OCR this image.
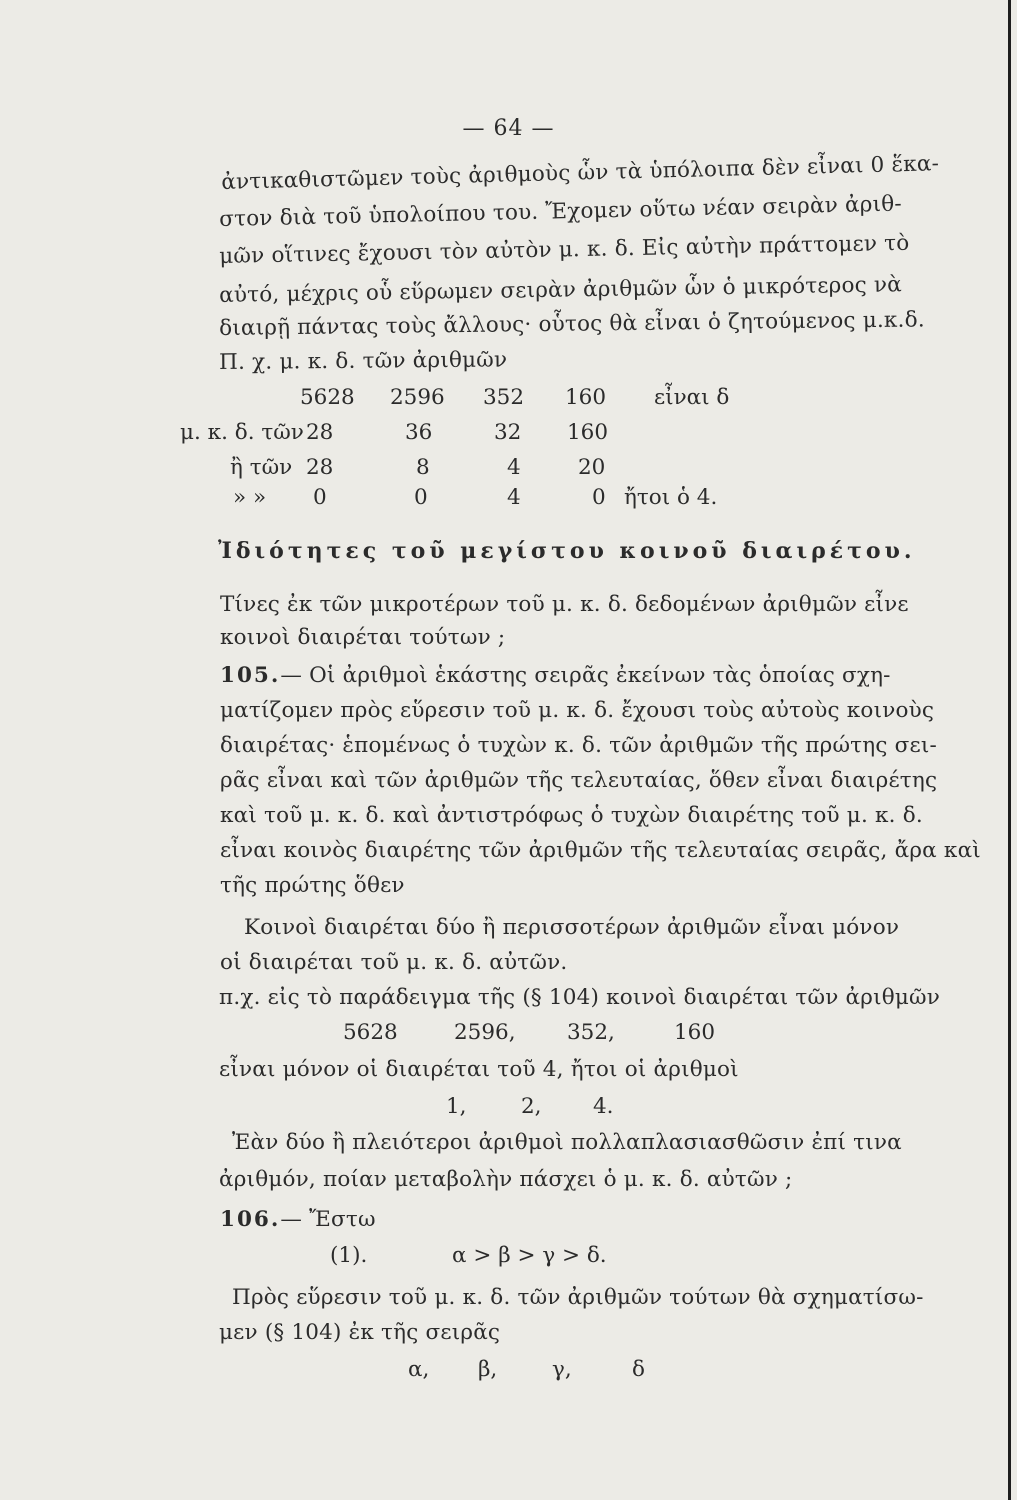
— 64 —
ἀντικαθιστῶμεν τοὺς ἀριθμοὺς ὧν τὰ ὑπόλοιπα δὲν εἶναι 0 ἕκα-
στον διὰ τοῦ ὑπολοίπου του. Ἔχομεν οὕτω νέαν σειρὰν ἀριθ-
μῶν οἵτινες ἔχουσι τὸν αὐτὸν μ. κ. δ. Εἰς αὐτὴν πράττομεν τὸ
αὐτό, μέχρις οὗ εὕρωμεν σειρὰν ἀριθμῶν ὧν ὁ μικρότερος νὰ
διαιρῇ πάντας τοὺς ἄλλους· οὗτος θὰ εἶναι ὁ ζητούμενος μ.κ.δ.
Π. χ. μ. κ. δ. τῶν ἀριθμῶν
5628 2596 352 160 εἶναι δ
μ. κ. δ. τῶν 28	36	32 160
ἢ τῶν 28	8	4	20
» » 0	0	4	0 ἤτοι ὁ 4.
Ἰδιότητες τοῦ μεγίστου κοινοῦ διαιρέτου.
Τίνες ἐκ τῶν μικροτέρων τοῦ μ. κ. δ. δεδομένων ἀριθμῶν εἶνε
κοινοὶ διαιρέται τούτων ;
105.— Οἱ ἀριθμοὶ ἑκάστης σειρᾶς ἐκείνων τὰς ὁποίας σχη-
ματίζομεν πρὸς εὕρεσιν τοῦ μ. κ. δ. ἔχουσι τοὺς αὐτοὺς κοινοὺς
διαιρέτας· ἑπομένως ὁ τυχὼν κ. δ. τῶν ἀριθμῶν τῆς πρώτης σει-
ρᾶς εἶναι καὶ τῶν ἀριθμῶν τῆς τελευταίας, ὅθεν εἶναι διαιρέτης
καὶ τοῦ μ. κ. δ. καὶ ἀντιστρόφως ὁ τυχὼν διαιρέτης τοῦ μ. κ. δ.
εἶναι κοινὸς διαιρέτης τῶν ἀριθμῶν τῆς τελευταίας σειρᾶς, ἄρα καὶ
τῆς πρώτης ὅθεν
Κοινοὶ διαιρέται δύο ἢ περισσοτέρων ἀριθμῶν εἶναι μόνον
οἱ διαιρέται τοῦ μ. κ. δ. αὐτῶν.
π.χ. εἰς τὸ παράδειγμα τῆς (§ 104) κοινοὶ διαιρέται τῶν ἀριθμῶν
5628	2596, 352,	160
εἶναι μόνον οἱ διαιρέται τοῦ 4, ἤτοι οἱ ἀριθμοὶ
1,	2, 4.
Ἐὰν δύο ἢ πλειότεροι ἀριθμοὶ πολλαπλασιασθῶσιν ἐπί τινα
ἀριθμόν, ποίαν μεταβολὴν πάσχει ὁ μ. κ. δ. αὐτῶν ;
106.— Ἔστω
(1).	α > β > γ > δ.
Πρὸς εὕρεσιν τοῦ μ. κ. δ. τῶν ἀριθμῶν τούτων θὰ σχηματίσω-
μεν (§ 104) ἐκ τῆς σειρᾶς
α, β,	γ,	δ
